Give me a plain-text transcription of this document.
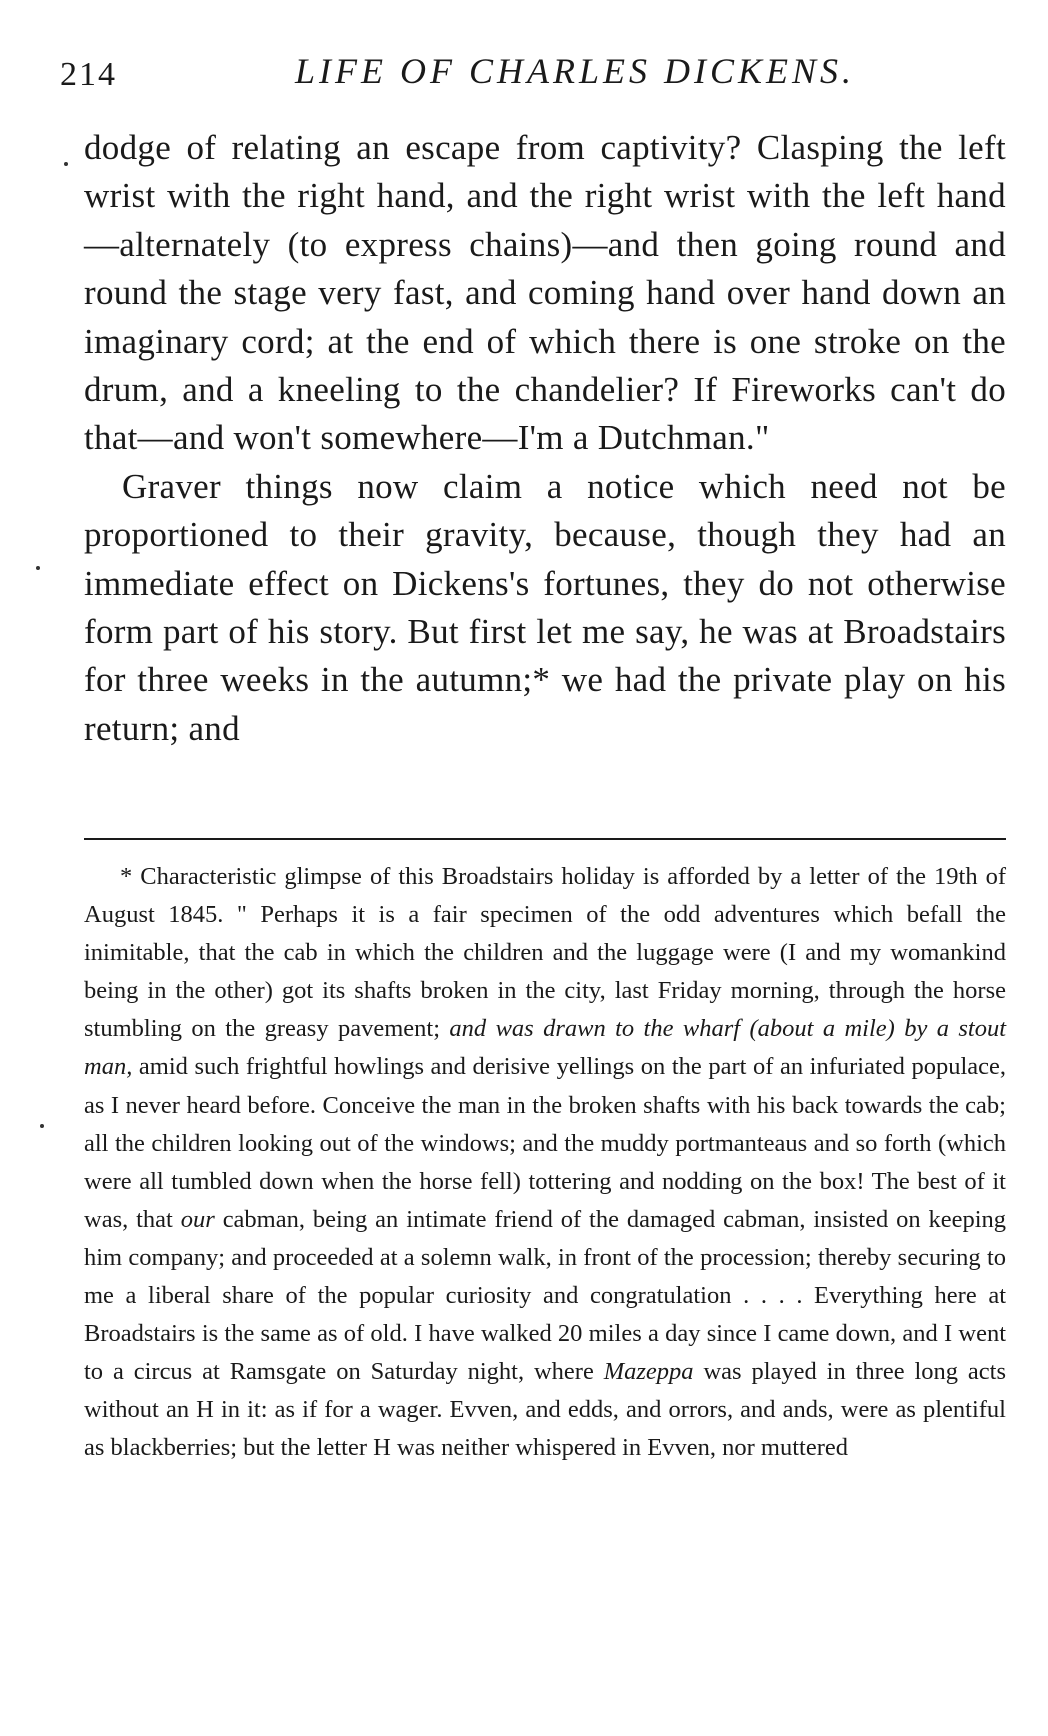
214	LIFE OF CHARLES DICKENS.

dodge of relating an escape from captivity? Clasping the left wrist with the right hand, and the right wrist with the left hand—alternately (to express chains)—and then going round and round the stage very fast, and coming hand over hand down an imaginary cord; at the end of which there is one stroke on the drum, and a kneeling to the chandelier? If Fireworks can't do that—and won't somewhere—I'm a Dutchman."

Graver things now claim a notice which need not be proportioned to their gravity, because, though they had an immediate effect on Dickens's fortunes, they do not otherwise form part of his story. But first let me say, he was at Broadstairs for three weeks in the autumn;* we had the private play on his return; and

* Characteristic glimpse of this Broadstairs holiday is afforded by a letter of the 19th of August 1845. " Perhaps it is a fair specimen of the odd adventures which befall the inimitable, that the cab in which the children and the luggage were (I and my womankind being in the other) got its shafts broken in the city, last Friday morning, through the horse stumbling on the greasy pavement; and was drawn to the wharf (about a mile) by a stout man, amid such frightful howlings and derisive yellings on the part of an infuriated populace, as I never heard before. Conceive the man in the broken shafts with his back towards the cab; all the children looking out of the windows; and the muddy portmanteaus and so forth (which were all tumbled down when the horse fell) tottering and nodding on the box! The best of it was, that our cabman, being an intimate friend of the damaged cabman, insisted on keeping him company; and proceeded at a solemn walk, in front of the procession; thereby securing to me a liberal share of the popular curiosity and congratulation . . . . Everything here at Broadstairs is the same as of old. I have walked 20 miles a day since I came down, and I went to a circus at Ramsgate on Saturday night, where Mazeppa was played in three long acts without an H in it: as if for a wager. Evven, and edds, and orrors, and ands, were as plentiful as blackberries; but the letter H was neither whispered in Evven, nor muttered
